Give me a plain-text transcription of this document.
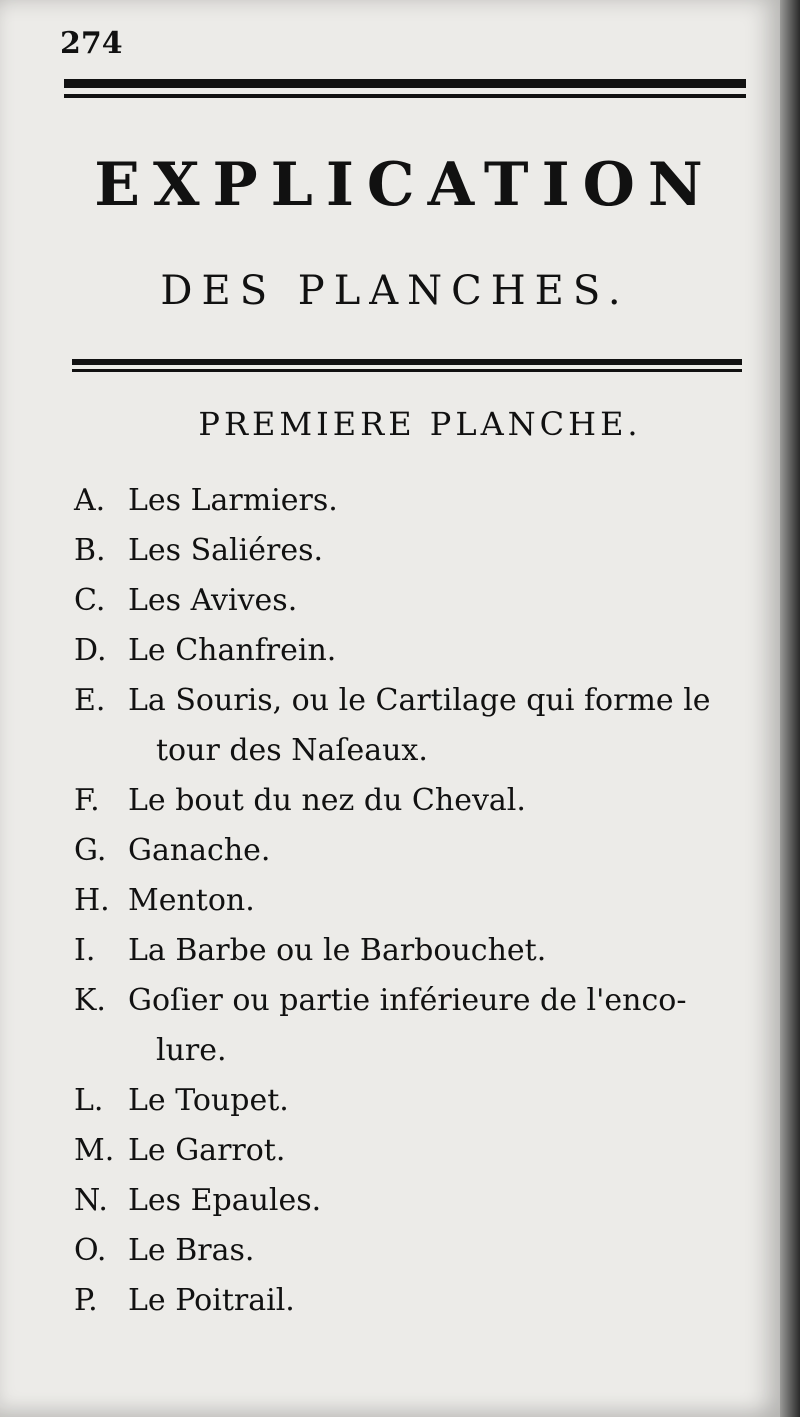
274
EXPLICATION
DES PLANCHES.
PREMIERE PLANCHE.
A. Les Larmiers.
B. Les Saliéres.
C. Les Avives.
D. Le Chanfrein.
E. La Souris, ou le Cartilage qui forme le
tour des Naſeaux.
F. Le bout du nez du Cheval.
G. Ganache.
H. Menton.
I. La Barbe ou le Barbouchet.
K. Goſier ou partie inférieure de l'enco-
lure.
L. Le Toupet.
M. Le Garrot.
N. Les Epaules.
O. Le Bras.
P. Le Poitrail.
